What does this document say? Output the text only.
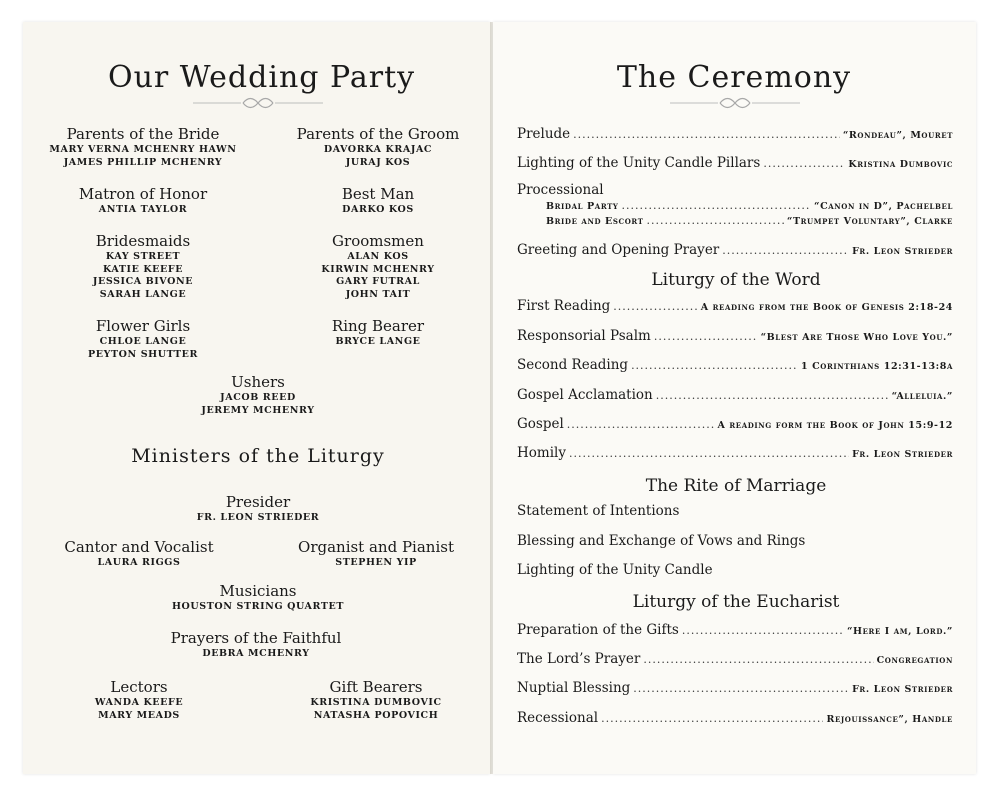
Our Wedding Party
Parents of the Bride
MARY VERNA MCHENRY HAWN
JAMES PHILLIP MCHENRY
Parents of the Groom
DAVORKA KRAJAC
JURAJ KOS
Matron of Honor
ANTIA TAYLOR
Best Man
DARKO KOS
Bridesmaids
KAY STREET
KATIE KEEFE
JESSICA BIVONE
SARAH LANGE
Groomsmen
ALAN KOS
KIRWIN MCHENRY
GARY FUTRAL
JOHN TAIT
Flower Girls
CHLOE LANGE
PEYTON SHUTTER
Ring Bearer
BRYCE LANGE
Ushers
JACOB REED
JEREMY MCHENRY
Ministers of the Liturgy
Presider
FR. LEON STRIEDER
Cantor and Vocalist
LAURA RIGGS
Organist and Pianist
STEPHEN YIP
Musicians
HOUSTON STRING QUARTET
Prayers of the Faithful
DEBRA MCHENRY
Lectors
WANDA KEEFE
MARY MEADS
Gift Bearers
KRISTINA DUMBOVIC
NATASHA POPOVICH
The Ceremony
Prelude .....	“Rondeau”, Mouret
Lighting of the Unity Candle Pillars .....	Kristina Dumbovic
Processional
Bridal Party .....	“Canon in D”, Pachelbel
Bride and Escort .....	“Trumpet Voluntary”, Clarke
Greeting and Opening Prayer .....	Fr. Leon Strieder
Liturgy of the Word
First Reading .....	A reading from the Book of Genesis 2:18-24
Responsorial Psalm .....	“Blest Are Those Who Love You.”
Second Reading .....	1 Corinthians 12:31-13:8a
Gospel Acclamation .....	“Alleluia.”
Gospel .....	A reading form the Book of John 15:9-12
Homily .....	Fr. Leon Strieder
The Rite of Marriage
Statement of Intentions
Blessing and Exchange of Vows and Rings
Lighting of the Unity Candle
Liturgy of the Eucharist
Preparation of the Gifts .....	“Here I am, Lord.”
The Lord’s Prayer .....	Congregation
Nuptial Blessing .....	Fr. Leon Strieder
Recessional .....	Rejouissance”, Handle
